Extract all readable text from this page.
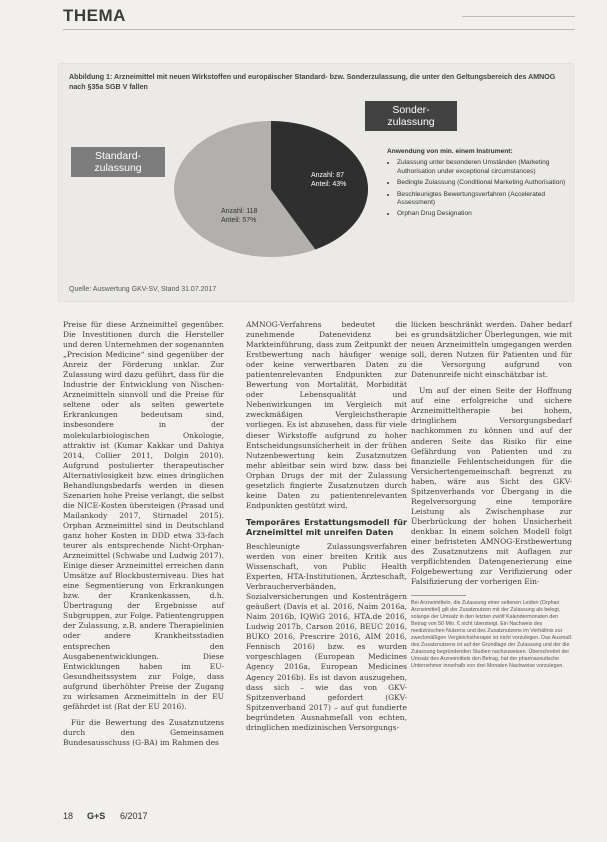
THEMA
Abbildung 1: Arzneimittel mit neuen Wirkstoffen und europäischer Standard- bzw. Sonderzulassung, die unter den Geltungsbereich des AMNOG nach §35a SGB V fallen
Anzahl: 87
Anteil: 43%
Anzahl: 118
Anteil: 57%
Standard-
zulassung
Sonder-
zulassung
Anwendung von min. einem Instrument:
• Zulassung unter besonderen Umständen (Marketing Authorisation under exceptional circumstances)
• Bedingte Zulassung (Conditional Marketing Authorisation)
• Beschleunigtes Bewertungsverfahren (Accelerated Assessment)
• Orphan Drug Designation
Quelle: Auswertung GKV-SV, Stand 31.07.2017

Preise für diese Arzneimittel gegenüber. Die Investitionen durch die Hersteller und deren Unternehmen der sogenannten „Precision Medicine“ sind gegenüber der Anreiz der Förderung unklar. Zur Zulassung wird dazu geführt, dass für die Industrie der Entwicklung von Nischen-Arzneimitteln sinnvoll und die Preise für seltene oder als selten gewertete Erkrankungen bedeutsam sind, insbesondere in der molekularbiologischen Onkologie, attraktiv ist (Kumar Kakkar und Dahiya 2014, Collier 2011, Dolgin 2010). Aufgrund postulierter therapeutischer Alternativlosigkeit bzw. eines dringlichen Behandlungsbedarfs werden in diesen Szenarien hohe Preise verlangt, die selbst die NICE-Kosten übersteigen (Prasad und Mailankody 2017, Stirnadel 2015). Orphan Arzneimittel sind in Deutschland ganz hoher Kosten in DDD etwa 33-fach teurer als entsprechende Nicht-Orphan-Arzneimittel (Schwabe und Ludwig 2017). Einige dieser Arzneimittel erreichen dann Umsätze auf Blockbusterniveau. Dies hat eine Segmentierung von Erkrankungen bzw. der Krankenkassen, d.h. Übertragung der Ergebnisse auf Subgruppen, zur Folge. Patientengruppen der Zulassung, z.B. andere Therapielinien oder andere Krankheitsstadien entsprechen den Ausgabenentwicklungen. Diese Entwicklungen haben im EU-Gesundheitssystem zur Folge, dass aufgrund überhöhter Preise der Zugang zu wirksamen Arzneimitteln in der EU gefährdet ist (Rat der EU 2016).

Für die Bewertung des Zusatznutzens durch den Gemeinsamen Bundesausschuss (G-BA) im Rahmen des

AMNOG-Verfahrens bedeutet die zunehmende Datenevidenz bei Markteinführung, dass zum Zeitpunkt der Erstbewertung nach häufiger wenige oder keine verwertbaren Daten zu patientenrelevanten Endpunkten zur Bewertung von Mortalität, Morbidität oder Lebensqualität und Nebenwirkungen im Vergleich mit zweckmäßigen Vergleichstherapie vorliegen. Es ist abzusehen, dass für viele dieser Wirkstoffe aufgrund zu hoher Entscheidungsunsicherheit in der frühen Nutzenbewertung kein Zusatznutzen mehr ableitbar sein wird bzw. dass bei Orphan Drugs der mit der Zulassung gesetzlich fingierte Zusatznutzen durch keine Daten zu patientenrelevanten Endpunkten gestützt wird.

Temporäres Erstattungsmodell für Arzneimittel mit unreifen Daten

Beschleunigte Zulassungsverfahren werden von einer breiten Kritik aus Wissenschaft, von Public Health Experten, HTA-Institutionen, Ärzteschaft, Verbraucherverbänden, Sozialversicherungen und Kostenträgern geäußert (Davis et al. 2016, Naim 2016a, Naim 2016b, IQWiG 2016, HTA.de 2016, Ludwig 2017b, Carson 2016, BEUC 2016, BUKO 2016, Prescrire 2016, AIM 2016, Fennisch 2016) bzw. es wurden vorgeschlagen (European Medicines Agency 2016a, European Medicines Agency 2016b). Es ist davon auszugehen, dass sich – wie das von GKV-Spitzenverband gefordert (GKV-Spitzenverband 2017) – auf gut fundierte begründeten Ausnahmefall von echten, dringlichen medizinischen Versorgungs-

lücken beschränkt werden. Daher bedarf es grundsätzlicher Überlegungen, wie mit neuen Arzneimitteln umgegangen werden soll, deren Nutzen für Patienten und für die Versorgung aufgrund von Datenunreife nicht einschätzbar ist.

Um auf der einen Seite der Hoffnung auf eine erfolgreiche und sichere Arzneimitteltherapie bei hohem, dringlichem Versorgungsbedarf nachkommen zu können und auf der anderen Seite das Risiko für eine Gefährdung von Patienten und zu finanzielle Fehlentscheidungen für die Versichertengemeinschaft begrenzt zu haben, wäre aus Sicht des GKV-Spitzenverbands vor Übergang in die Regelversorgung eine temporäre Leistung als Zwischenphase zur Überbrückung der hohen Unsicherheit denkbar. In einem solchen Modell folgt einer befristeten AMNOG-Erstbewertung des Zusatznutzens mit Auflagen zur verpflichtenden Datengenerierung eine Folgebewertung zur Verifizierung oder Falsifizierung der vorherigen Ein-

Bei Arzneimitteln, die Zulassung einer seltenen Leiden (Orphan Arzneimittel) gilt der Zusatznutzen mit der Zulassung als belegt, solange der Umsatz in den letzten zwölf Kalendermonaten den Betrag von 50 Mio. € nicht übersteigt. Ein Nachweis des medizinischen Nutzens und des Zusatznutzens im Verhältnis zur zweckmäßigen Vergleichstherapie ist nicht vorzulegen. Das Ausmaß des Zusatznutzens ist auf der Grundlage der Zulassung und der die Zulassung begründenden Studien nachzuweisen. Überschreitet der Umsatz des Arzneimittels den Betrag, hat der pharmazeutische Unternehmer innerhalb von drei Monaten Nachweise vorzulegen.
18 G+S 6/2017
